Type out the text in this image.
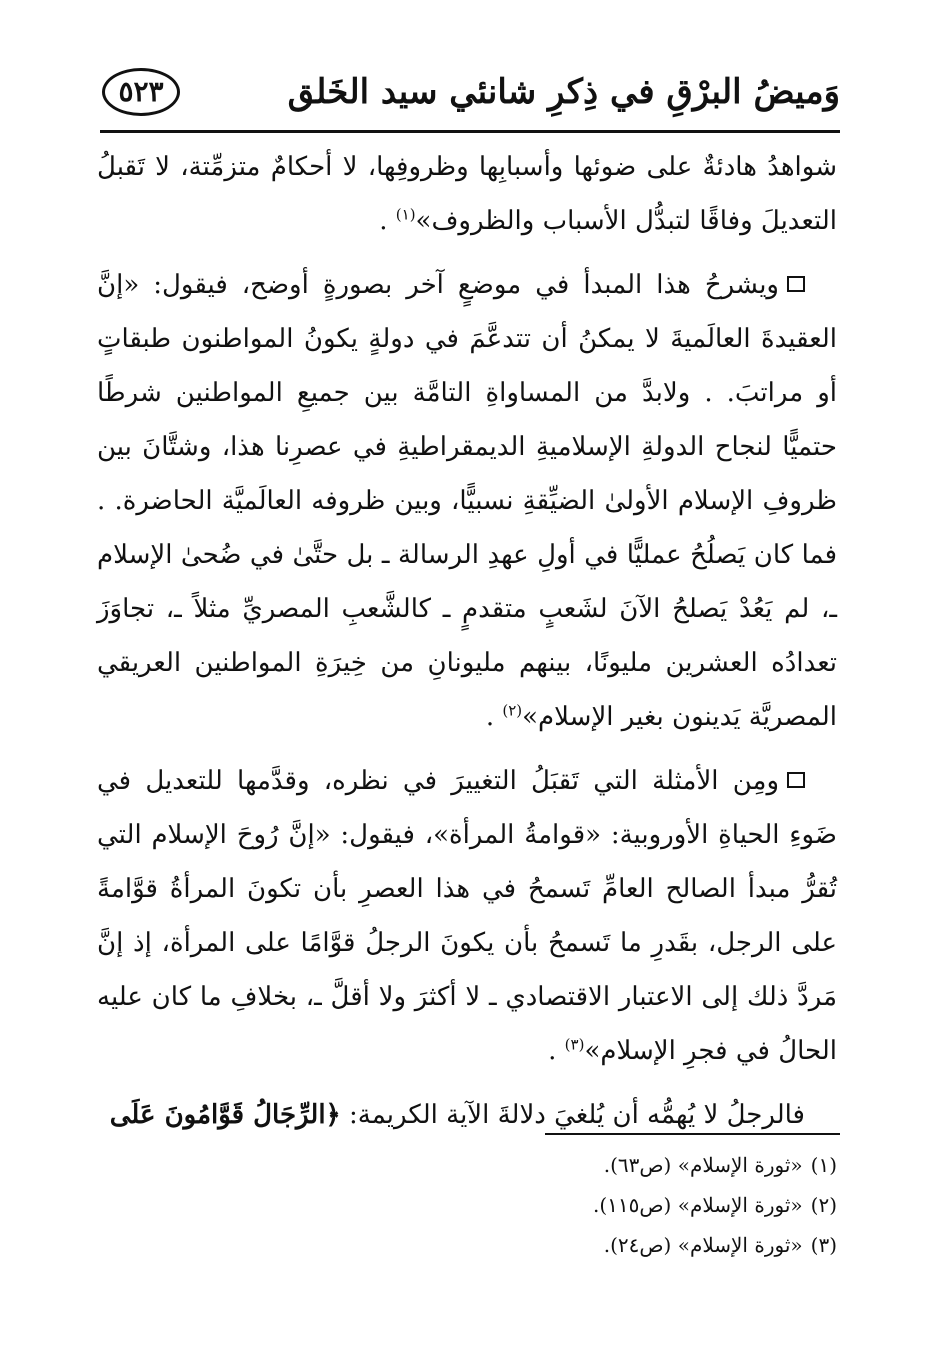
وَميضُ البرْقِ في ذِكرِ شانئي سيد الخَلق
٥٢٣

شواهدُ هادئةٌ على ضوئها وأسبابِها وظروفِها، لا أحكامٌ متزمِّتة، لا تَقبلُ التعديلَ وفاقًا لتبدُّل الأسباب والظروف»$^{(١)}$ .

ويشرحُ هذا المبدأ في موضعٍ آخر بصورةٍ أوضح، فيقول: «إنَّ العقيدةَ العالَميةَ لا يمكنُ أن تتدعَّمَ في دولةٍ يكونُ المواطنون طبقاتٍ أو مراتبَ. . ولابدَّ من المساواةِ التامَّة بين جميعِ المواطنين شرطًا حتميًّا لنجاح الدولةِ الإسلاميةِ الديمقراطيةِ في عصرِنا هذا، وشتَّانَ بين ظروفِ الإسلام الأولىٰ الضيِّقةِ نسبيًّا، وبين ظروفه العالَميَّة الحاضرة. . فما كان يَصلُحُ عمليًّا في أولِ عهدِ الرسالة ـ بل حتَّىٰ في ضُحىٰ الإسلام ـ، لم يَعُدْ يَصلحُ الآنَ لشَعبٍ متقدمٍ ـ كالشَّعبِ المصريِّ مثلاً ـ، تجاوَزَ تعدادُه العشرين مليونًا، بينهم مليونانِ من خِيرَةِ المواطنين العريقي المصريَّة يَدينون بغير الإسلام»$^{(٢)}$ .

ومِن الأمثلة التي تَقبَلُ التغييرَ في نظره، وقدَّمها للتعديل في ضَوءِ الحياةِ الأوروبية: «قوامةُ المرأة»، فيقول: «إنَّ رُوحَ الإسلام التي تُقرُّ مبدأ الصالح العامِّ تَسمحُ في هذا العصرِ بأن تكونَ المرأةُ قوَّامةً على الرجل، بقَدرِ ما تَسمحُ بأن يكونَ الرجلُ قوَّامًا على المرأة، إذ إنَّ مَردَّ ذلك إلى الاعتبار الاقتصادي ـ لا أكثرَ ولا أقلَّ ـ، بخلافِ ما كان عليه الحالُ في فجرِ الإسلام»$^{(٣)}$ .

فالرجلُ لا يُهمُّه أن يُلغيَ دلالةَ الآية الكريمة: ﴿الرِّجَالُ قَوَّامُونَ عَلَى

(١)«ثورة الإسلام» (ص٦٣).

(٢)«ثورة الإسلام» (ص١١٥).

(٣)«ثورة الإسلام» (ص٢٤).
